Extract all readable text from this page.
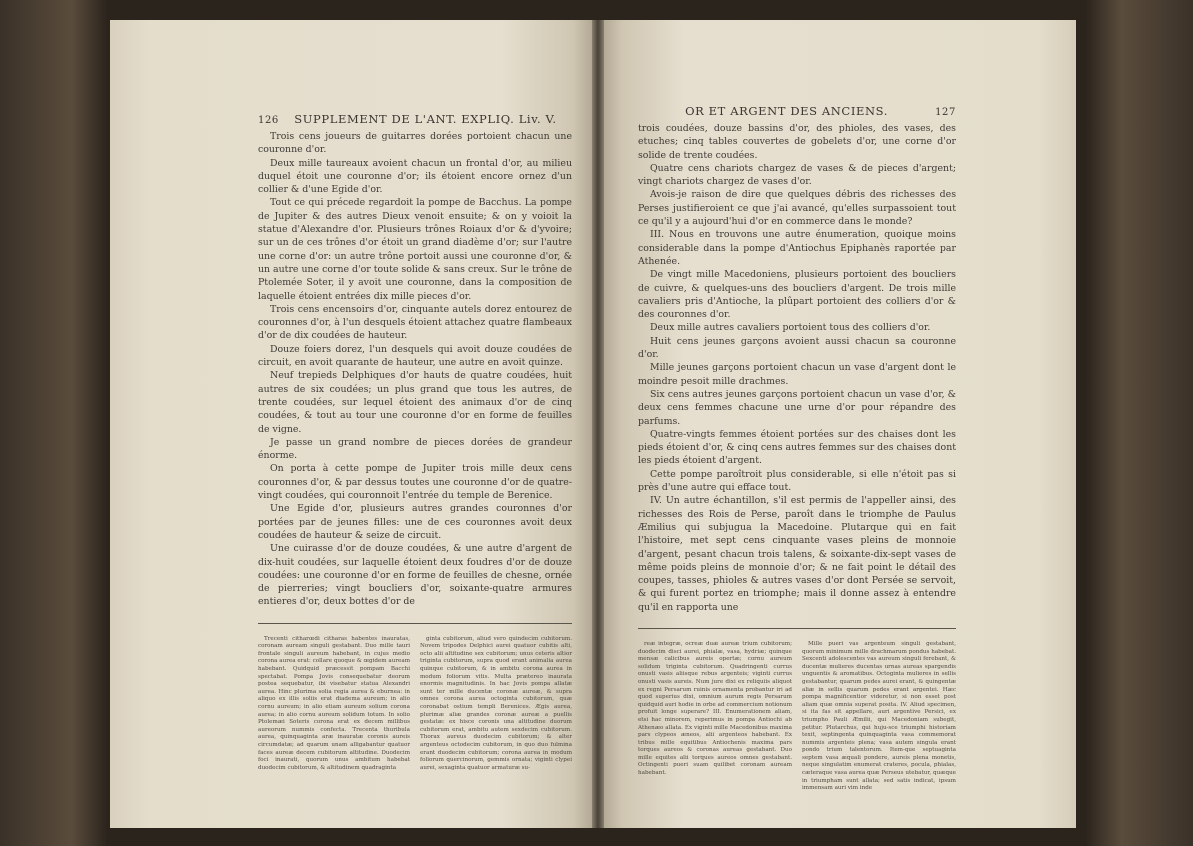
126 SUPPLEMENT DE L'ANT. EXPLIQ. Liv. V.

Trois cens joueurs de guitarres dorées portoient chacun une couronne d'or.

Deux mille taureaux avoient chacun un frontal d'or, au milieu duquel étoit une couronne d'or; ils étoient encore ornez d'un collier & d'une Egide d'or.

Tout ce qui précede regardoit la pompe de Bacchus. La pompe de Jupiter & des autres Dieux venoit ensuite; & on y voioit la statue d'Alexandre d'or. Plusieurs trônes Roiaux d'or & d'yvoire; sur un de ces trônes d'or étoit un grand diadème d'or; sur l'autre une corne d'or: un autre trône portoit aussi une couronne d'or, & un autre une corne d'or toute solide & sans creux. Sur le trône de Ptolemée Soter, il y avoit une couronne, dans la composition de laquelle étoient entrées dix mille pieces d'or.

Trois cens encensoirs d'or, cinquante autels dorez entourez de couronnes d'or, à l'un desquels étoient attachez quatre flambeaux d'or de dix coudées de hauteur.

Douze foiers dorez, l'un desquels qui avoit douze coudées de circuit, en avoit quarante de hauteur, une autre en avoit quinze.

Neuf trepieds Delphiques d'or hauts de quatre coudées, huit autres de six coudées; un plus grand que tous les autres, de trente coudées, sur lequel étoient des animaux d'or de cinq coudées, & tout au tour une couronne d'or en forme de feuilles de vigne.

Je passe un grand nombre de pieces dorées de grandeur énorme.

On porta à cette pompe de Jupiter trois mille deux cens couronnes d'or, & par dessus toutes une couronne d'or de quatre-vingt coudées, qui couronnoit l'entrée du temple de Berenice.

Une Egide d'or, plusieurs autres grandes couronnes d'or portées par de jeunes filles: une de ces couronnes avoit deux coudées de hauteur & seize de circuit.

Une cuirasse d'or de douze coudées, & une autre d'argent de dix-huit coudées, sur laquelle étoient deux foudres d'or de douze coudées: une couronne d'or en forme de feuilles de chesne, ornée de pierreries; vingt boucliers d'or, soixante-quatre armures entieres d'or, deux bottes d'or de

Trecenti citharœdi citharas habentes inauratas, coronam auream singuli gestabant. Duo mille tauri frontale singuli aureum habebant, in cujus medio corona aurea erat: collare quoque & œgidem auream habebant. Quidquid præcessit pompam Bacchi spectabat. Pompa Jovis consequebatur deorum postea sequebatur, ibi visebatur statua Alexandri aurea. Hinc plurima solia regia aurea & eburnea: in aliquo ex illis soliis erat diadema aureum; in alio cornu aureum; in alio etiam aureum solium corona aurea; in alio cornu aureum solidum totum. In solio Ptolemæi Soteris corona erat ex decem millibus aureorum nummis confecta. Trecenta thuribula aurea, quinquaginta aræ inauratæ coronis aureis circumdatæ; ad quarum unam alligabantur quatuor faces aureæ decem cubitorum altitudine. Duodecim foci inaurati, quorum unus ambitum habebat duodecim cubitorum, & altitudinem quadraginta

ginta cubitorum, aliud vero quindecim cubitorum. Novem tripodes Delphici aurei quatuor cubitis alti, octo alii altitudine sex cubitorum; unus ceteris altior triginta cubitorum, supra quod erant animalia aurea quinque cubitorum, & in ambitu corona aurea in modum foliorum vitis. Multa prætereo inaurata enormis magnitudinis. In hac Jovis pompa allatæ sunt ter mille ducentæ coronæ aureæ, & supra omnes corona aurea octoginta cubitorum, quæ coronabat ostium templi Berenices. Ægis aurea, plurimæ aliæ grandes coronæ aureæ a puellis gestatæ: ex hisce coronis una altitudine duorum cubitorum erat, ambitu autem sexdecim cubitorum. Thorax aureus duodecim cubitorum; & alter argenteus octodecim cubitorum, in quo duo fulmina erant duodecim cubitorum; corona aurea in modum foliorum quercinorum, gemmis ornata; viginti clypei aurei, sexaginta quatuor armaturæ su-

OR ET ARGENT DES ANCIENS.	127

trois coudées, douze bassins d'or, des phioles, des vases, des etuches; cinq tables couvertes de gobelets d'or, une corne d'or solide de trente coudées.

Quatre cens chariots chargez de vases & de pieces d'argent; vingt chariots chargez de vases d'or.

Avois-je raison de dire que quelques débris des richesses des Perses justifieroient ce que j'ai avancé, qu'elles surpassoient tout ce qu'il y a aujourd'hui d'or en commerce dans le monde?

III. Nous en trouvons une autre énumeration, quoique moins considerable dans la pompe d'Antiochus Epiphanès raportée par Athenée.

De vingt mille Macedoniens, plusieurs portoient des boucliers de cuivre, & quelques-uns des boucliers d'argent. De trois mille cavaliers pris d'Antioche, la plûpart portoient des colliers d'or & des couronnes d'or.

Deux mille autres cavaliers portoient tous des colliers d'or.

Huit cens jeunes garçons avoient aussi chacun sa couronne d'or.

Mille jeunes garçons portoient chacun un vase d'argent dont le moindre pesoit mille drachmes.

Six cens autres jeunes garçons portoient chacun un vase d'or, & deux cens femmes chacune une urne d'or pour répandre des parfums.

Quatre-vingts femmes étoient portées sur des chaises dont les pieds étoient d'or, & cinq cens autres femmes sur des chaises dont les pieds étoient d'argent.

Cette pompe paroîtroit plus considerable, si elle n'étoit pas si près d'une autre qui efface tout.

IV. Un autre échantillon, s'il est permis de l'appeller ainsi, des richesses des Rois de Perse, paroît dans le triomphe de Paulus Æmilius qui subjugua la Macedoine. Plutarque qui en fait l'histoire, met sept cens cinquante vases pleins de monnoie d'argent, pesant chacun trois talens, & soixante-dix-sept vases de même poids pleins de monnoie d'or; & ne fait point le détail des coupes, tasses, phioles & autres vases d'or dont Persée se servoit, & qui furent portez en triomphe; mais il donne assez à entendre qu'il en rapporta une

reæ integræ, ocreæ duæ aureæ trium cubitorum; duodecim disci aurei, phialæ, vasa, hydriæ; quinque mensæ calicibus aureis opertæ; cornu aureum solidum triginta cubitorum. Quadringenti currus onusti vasis aliisque rebus argenteis; viginti currus onusti vasis aureis. Num jure dixi ex reliquiis aliquot ex regni Persarum ruinis ornamenta probantur iri ad quod superius dixi, omnium aurum regis Persarum quidquid auri hodie in orbe ad commercium notionum profuit longe superare? III. Enumerationem aliam, etsi hac minorem, reperimus in pompa Antiochi ab Athenæo allata. Ex viginti mille Macedonibus maxima pars clypeos æneos, alii argenteos habebant. Ex tribus mille equitibus Antiochenis maxima pars torques aureos & coronas aureas gestabant. Duo mille equites alii torques aureos omnes gestabant. Octingenti pueri suam quilibet coronam auream habebant.

Mille pueri vas argenteum singuli gestabant, quorum minimum mille drachmarum pondus habebat. Sexcenti adolescentes vas aureum singuli ferebant, & ducentæ mulieres ducentas urnas aureas spargendis unguentis & aromatibus. Octoginta mulieres in sellis gestabantur, quarum pedes aurei erant, & quingentæ aliæ in sellis quarum pedes erant argentei. Hæc pompa magnificentior videretur, si non esset post aliam quæ omnia superat posita. IV. Aliud specimen, si ita fas sit appellare, auri argentive Persici, ex triumpho Pauli Æmilii, qui Macedoniam subegit, petitur. Plutarchus, qui huju-sce triumphi historiam texit, septingenta quinquaginta vasa commemorat nummis argenteis plena; vasa autem singula erant pondo trium talentorum. Item-que septuaginta septem vasa æquali pondere, aureis plena monetis, neque singulatim enumerat crateres, pocula, phialas, cæteraque vasa aurea quæ Perseus utebatur, quæque in triumpham sunt allata; sed satis indicat, ipsum immensam auri vim inde
